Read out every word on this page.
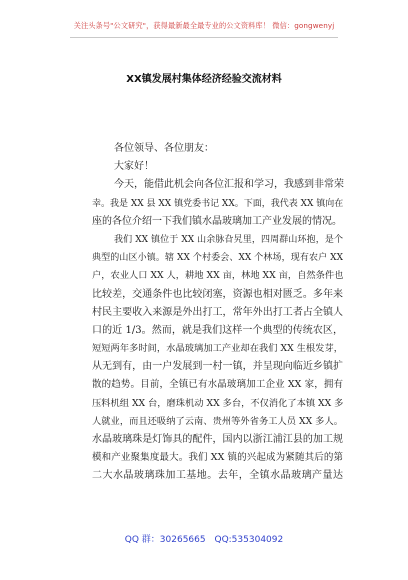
关注头条号"公文研究"，获得最新最全最专业的公文资料库！ 微信：gongwenyj
XX镇发展村集体经济经验交流材料
各位领导、各位朋友：
大家好！
今天，能借此机会向各位汇报和学习，我感到非常荣
幸。我是 XX 县 XX 镇党委书记 XX。下面，我代表 XX 镇向在
座的各位介绍一下我们镇水晶玻璃加工产业发展的情况。
我们 XX 镇位于 XX 山余脉旮旯里，四周群山环抱，是个
典型的山区小镇。辖 XX 个村委会、XX 个林场，现有农户 XX
户，农业人口 XX 人，耕地 XX 亩，林地 XX 亩，自然条件也
比较差，交通条件也比较闭塞，资源也相对匮乏。多年来
村民主要收入来源是外出打工，常年外出打工者占全镇人
口的近 1/3。然而，就是我们这样一个典型的传统农区，
短短两年多时间，水晶玻璃加工产业却在我们 XX 生根发芽，
从无到有，由一户发展到一村一镇，并呈现向临近乡镇扩
散的趋势。目前，全镇已有水晶玻璃加工企业 XX 家，拥有
压料机组 XX 台，磨珠机动 XX 多台，不仅消化了本镇 XX 多
人就业，而且还吸纳了云南、贵州等外省务工人员 XX 多人。
水晶玻璃珠是灯饰具的配件，国内以浙江浦江县的加工规
模和产业聚集度最大。我们 XX 镇的兴起成为紧随其后的第
二大水晶玻璃珠加工基地。去年，全镇水晶玻璃产量达
QQ 群：30265665 QQ:535304092
